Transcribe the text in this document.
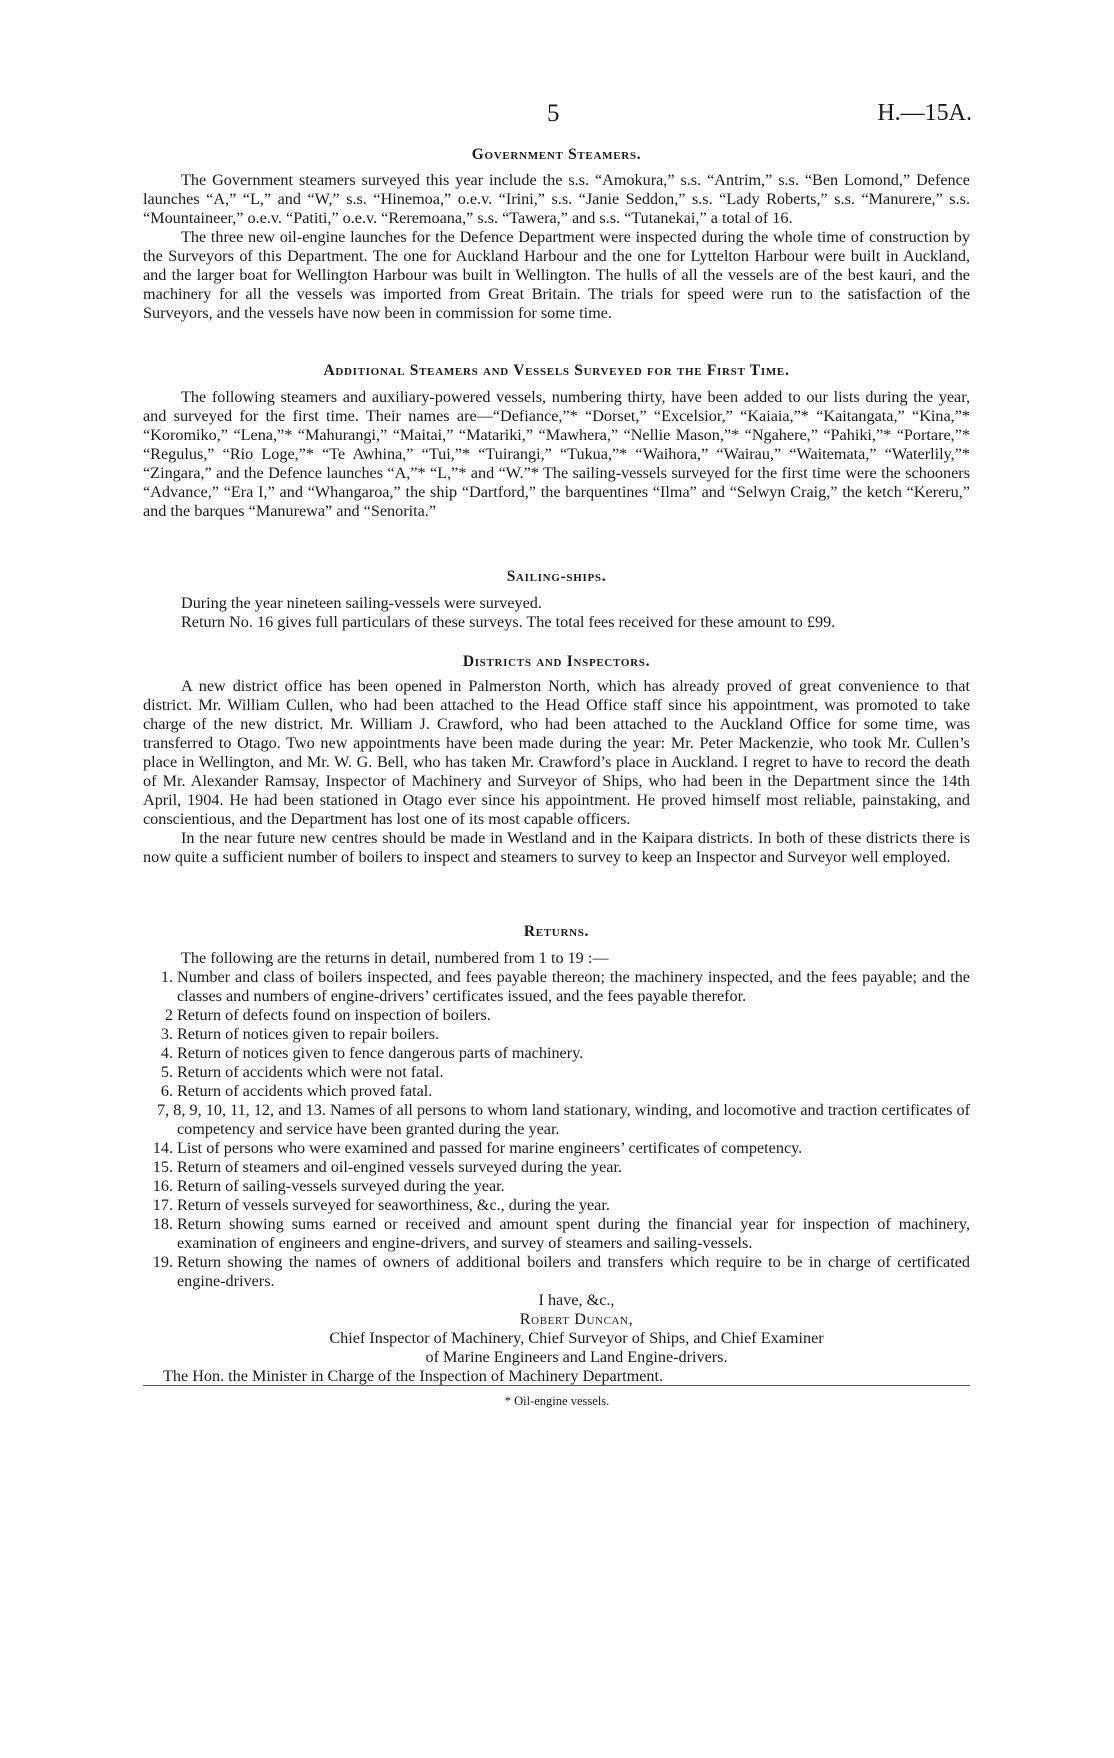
5	H.—15A.
Government Steamers.

The Government steamers surveyed this year include the s.s. “Amokura,” s.s. “Antrim,” s.s. “Ben Lomond,” Defence launches “A,” “L,” and “W,” s.s. “Hinemoa,” o.e.v. “Irini,” s.s. “Janie Seddon,” s.s. “Lady Roberts,” s.s. “Manurere,” s.s. “Mountaineer,” o.e.v. “Patiti,” o.e.v. “Reremoana,” s.s. “Tawera,” and s.s. “Tutanekai,” a total of 16.

The three new oil-engine launches for the Defence Department were inspected during the whole time of construction by the Surveyors of this Department. The one for Auckland Harbour and the one for Lyttelton Harbour were built in Auckland, and the larger boat for Wellington Harbour was built in Wellington. The hulls of all the vessels are of the best kauri, and the machinery for all the vessels was imported from Great Britain. The trials for speed were run to the satisfaction of the Surveyors, and the vessels have now been in commission for some time.

Additional Steamers and Vessels Surveyed for the First Time.

The following steamers and auxiliary-powered vessels, numbering thirty, have been added to our lists during the year, and surveyed for the first time. Their names are—“Defiance,”* “Dorset,” “Excelsior,” “Kaiaia,”* “Kaitangata,” “Kina,”* “Koromiko,” “Lena,”* “Mahurangi,” “Maitai,” “Matariki,” “Mawhera,” “Nellie Mason,”* “Ngahere,” “Pahiki,”* “Portare,”* “Regulus,” “Rio Loge,”* “Te Awhina,” “Tui,”* “Tuirangi,” “Tukua,”* “Waihora,” “Wairau,” “Waitemata,” “Waterlily,”* “Zingara,” and the Defence launches “A,”* “L,”* and “W.”* The sailing-vessels surveyed for the first time were the schooners “Advance,” “Era I,” and “Whangaroa,” the ship “Dartford,” the barquentines “Ilma” and “Selwyn Craig,” the ketch “Kereru,” and the barques “Manurewa” and “Senorita.”

Sailing-ships.

During the year nineteen sailing-vessels were surveyed.

Return No. 16 gives full particulars of these surveys. The total fees received for these amount to £99.

Districts and Inspectors.

A new district office has been opened in Palmerston North, which has already proved of great convenience to that district. Mr. William Cullen, who had been attached to the Head Office staff since his appointment, was promoted to take charge of the new district. Mr. William J. Crawford, who had been attached to the Auckland Office for some time, was transferred to Otago. Two new appointments have been made during the year: Mr. Peter Mackenzie, who took Mr. Cullen’s place in Wellington, and Mr. W. G. Bell, who has taken Mr. Crawford’s place in Auckland. I regret to have to record the death of Mr. Alexander Ramsay, Inspector of Machinery and Surveyor of Ships, who had been in the Department since the 14th April, 1904. He had been stationed in Otago ever since his appointment. He proved himself most reliable, painstaking, and conscientious, and the Department has lost one of its most capable officers.

In the near future new centres should be made in Westland and in the Kaipara districts. In both of these districts there is now quite a sufficient number of boilers to inspect and steamers to survey to keep an Inspector and Surveyor well employed.

Returns.

The following are the returns in detail, numbered from 1 to 19 :—

1. Number and class of boilers inspected, and fees payable thereon; the machinery inspected, and the fees payable; and the classes and numbers of engine-drivers’ certificates issued, and the fees payable therefor.
2 Return of defects found on inspection of boilers.
3. Return of notices given to repair boilers.
4. Return of notices given to fence dangerous parts of machinery.
5. Return of accidents which were not fatal.
6. Return of accidents which proved fatal.
7, 8, 9, 10, 11, 12, and 13. Names of all persons to whom land stationary, winding, and locomotive and traction certificates of competency and service have been granted during the year.
14. List of persons who were examined and passed for marine engineers’ certificates of competency.
15. Return of steamers and oil-engined vessels surveyed during the year.
16. Return of sailing-vessels surveyed during the year.
17. Return of vessels surveyed for seaworthiness, &c., during the year.
18. Return showing sums earned or received and amount spent during the financial year for inspection of machinery, examination of engineers and engine-drivers, and survey of steamers and sailing-vessels.
19. Return showing the names of owners of additional boilers and transfers which require to be in charge of certificated engine-drivers.
I have, &c.,
Robert Duncan,
Chief Inspector of Machinery, Chief Surveyor of Ships, and Chief Examiner
of Marine Engineers and Land Engine-drivers.
The Hon. the Minister in Charge of the Inspection of Machinery Department.
* Oil-engine vessels.
